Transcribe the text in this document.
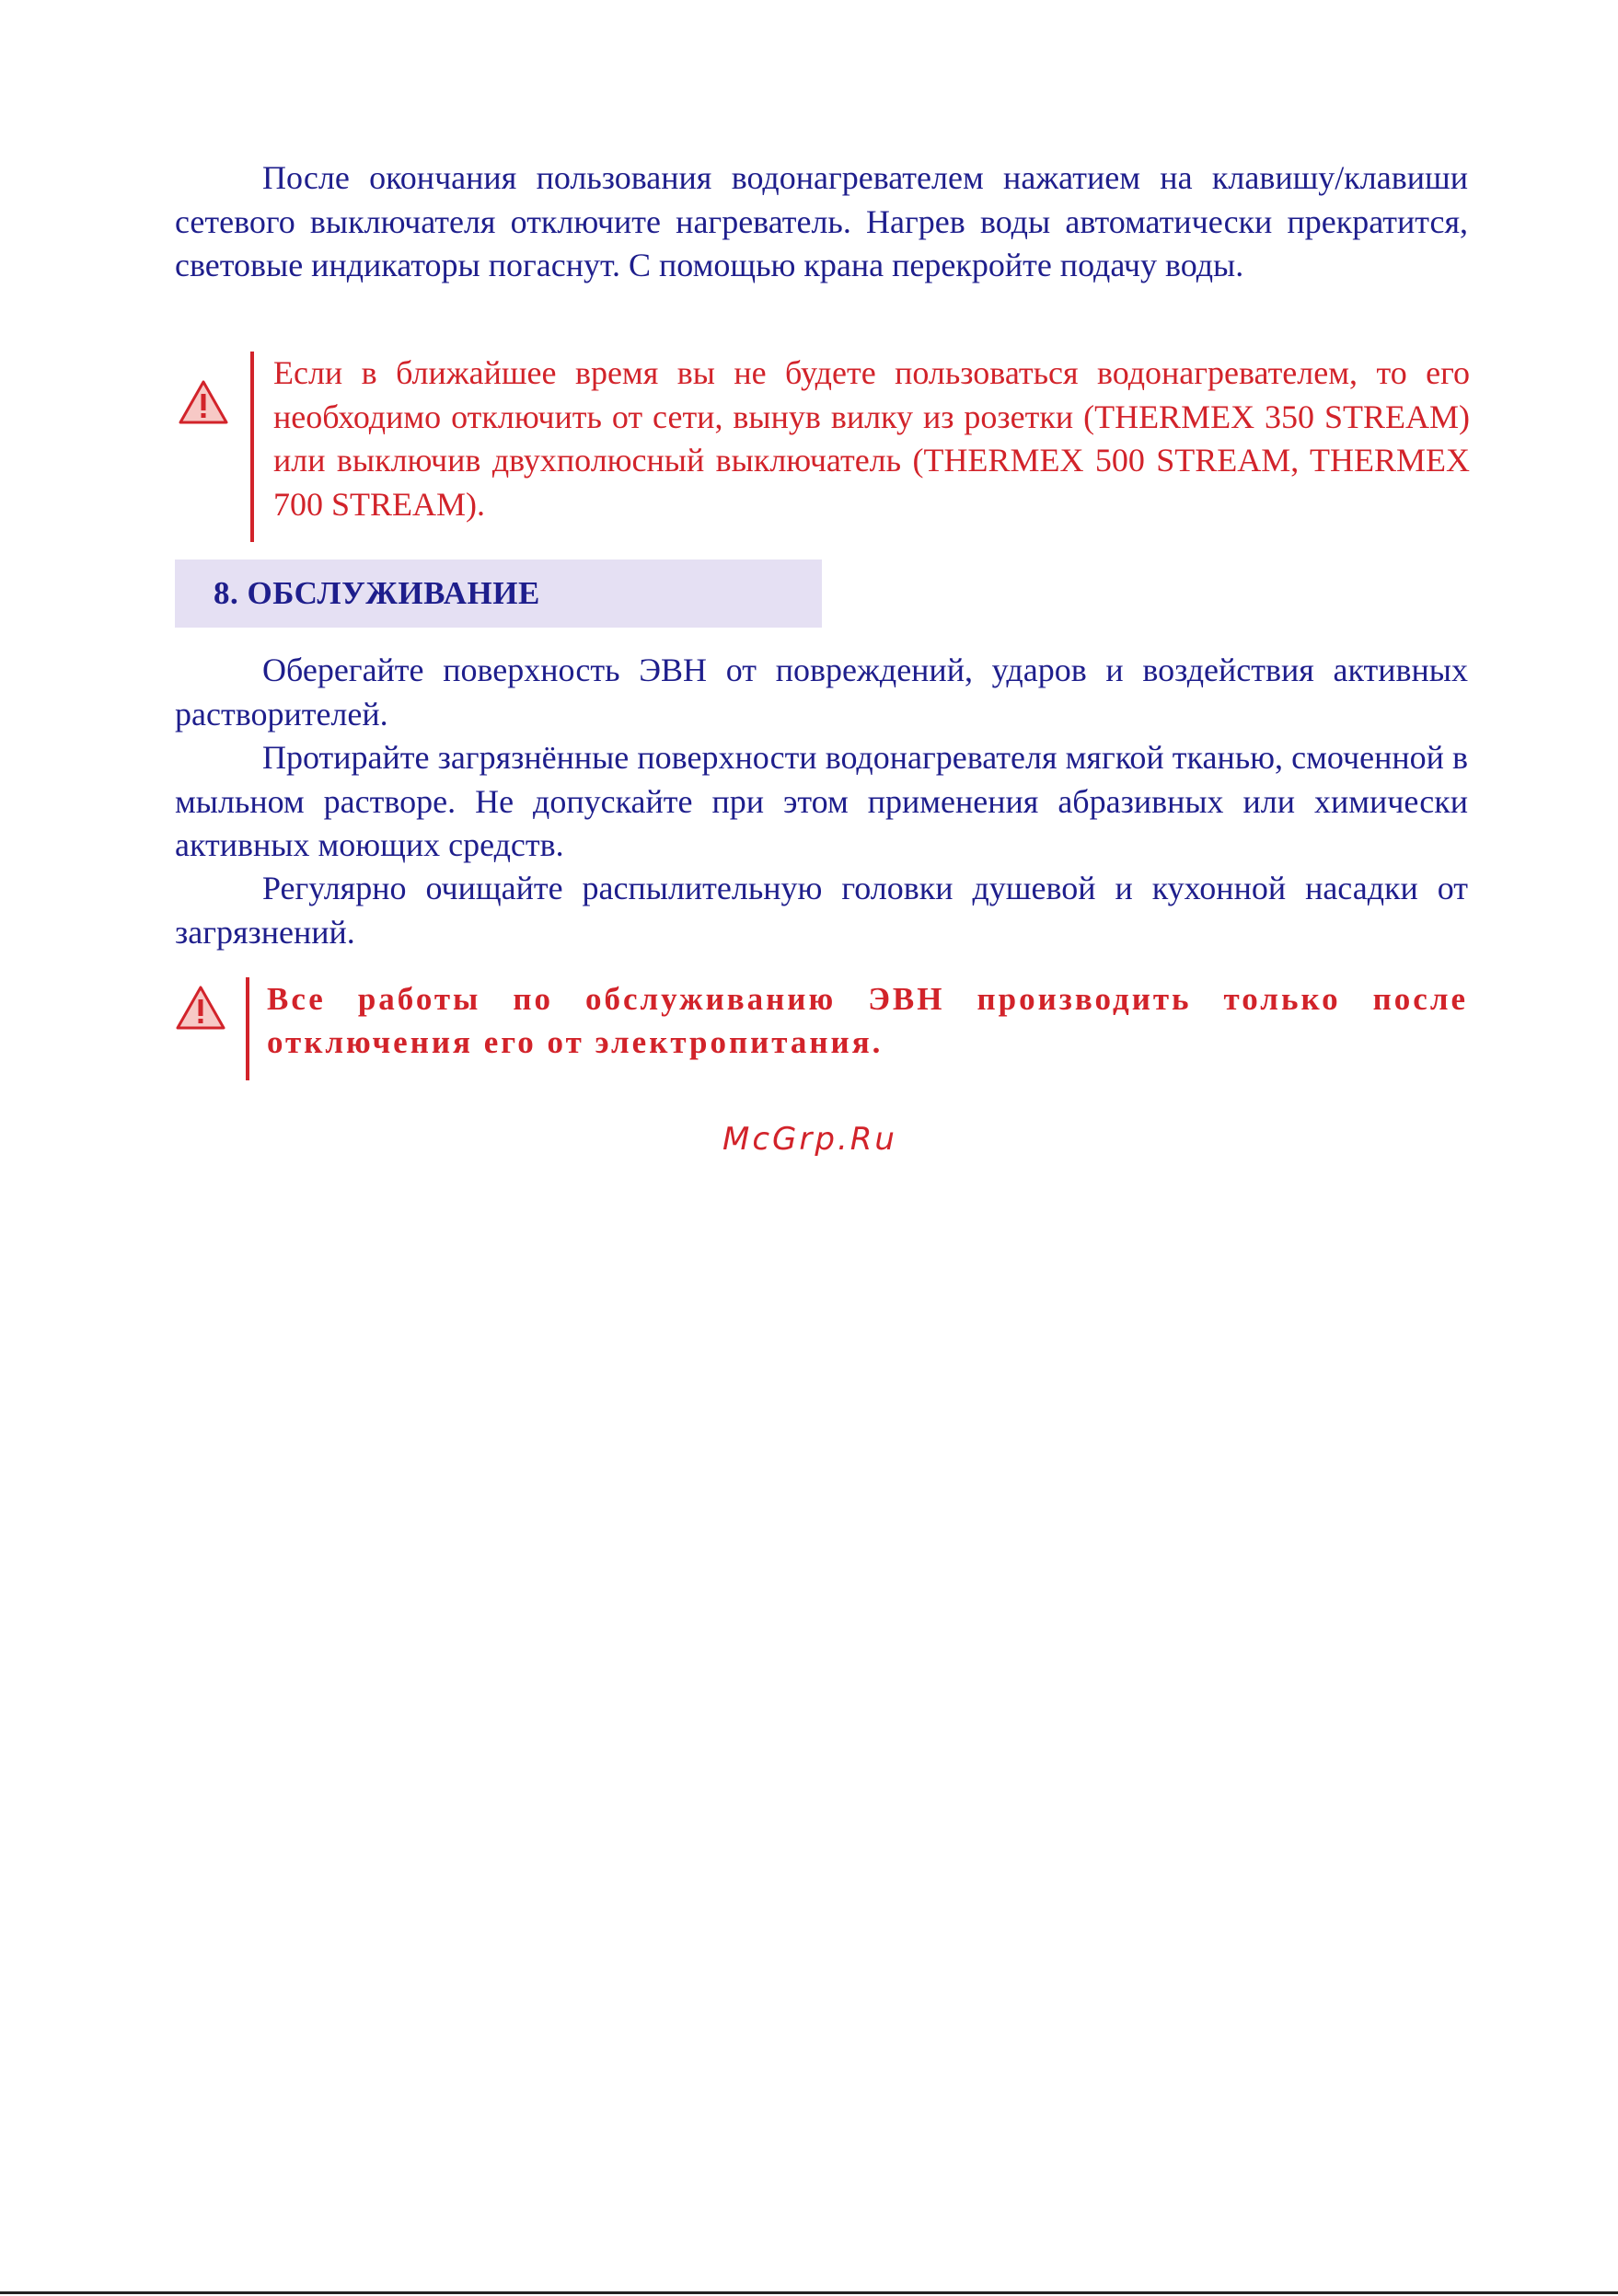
После окончания пользования водонагревателем нажатием на клавишу/клавиши сетевого выключателя отключите нагреватель. Нагрев воды автоматически прекратится, световые индикаторы погаснут. С помощью крана перекройте подачу воды.

Если в ближайшее время вы не будете пользоваться водонагревателем, то его необходимо отключить от сети, вынув вилку из розетки (THERMEX 350 STREAM) или выключив двухполюсный выключатель (THERMEX 500 STREAM, THERMEX 700 STREAM).

8. ОБСЛУЖИВАНИЕ

Оберегайте поверхность ЭВН от повреждений, ударов и воздействия активных растворителей.

Протирайте загрязнённые поверхности водонагревателя мягкой тканью, смоченной в мыльном растворе. Не допускайте при этом применения абразивных или химически активных моющих средств.

Регулярно очищайте распылительную головки душевой и кухонной насадки от загрязнений.

Все работы по обслуживанию ЭВН производить только после отключения его от электропитания.

McGrp.Ru
